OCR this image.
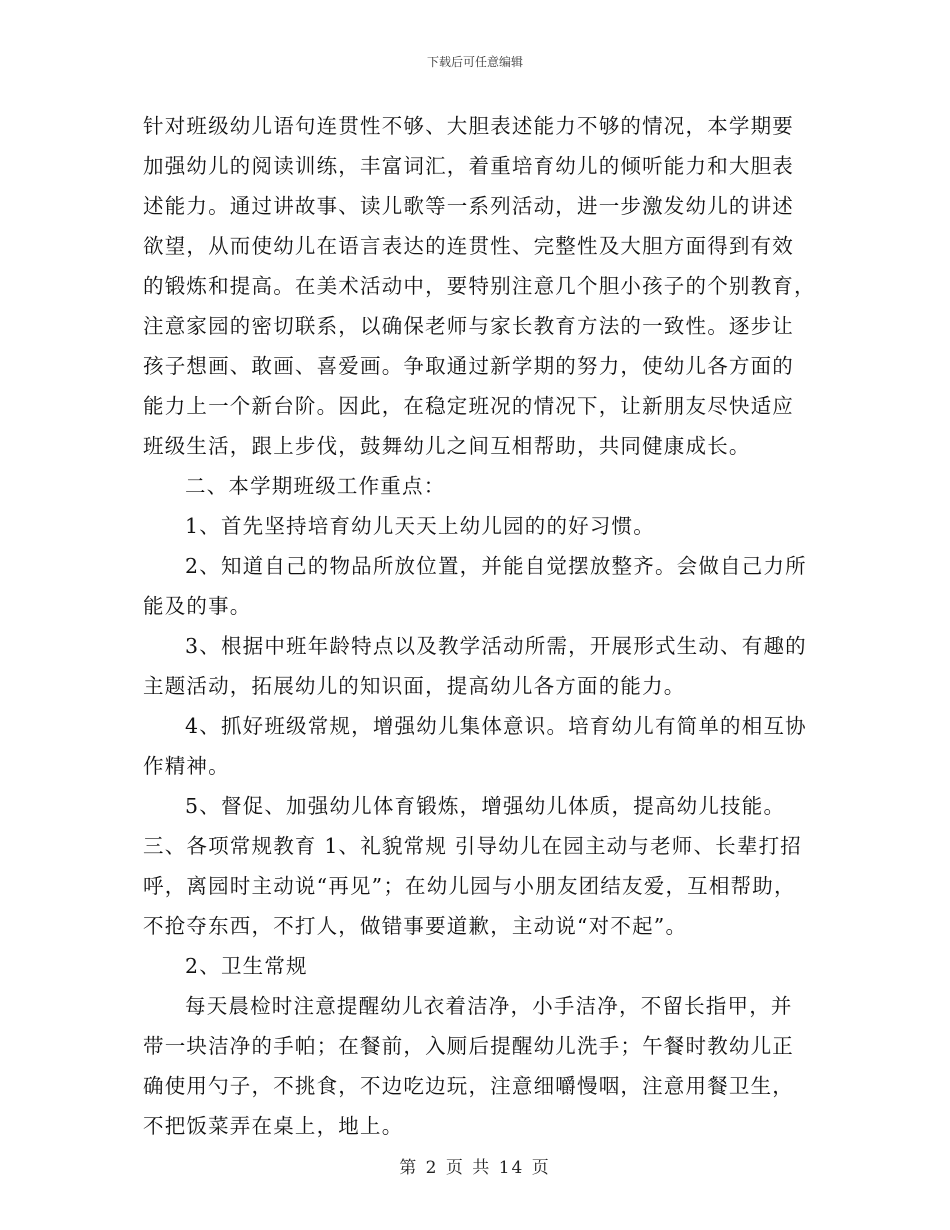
下载后可任意编辑
针对班级幼儿语句连贯性不够、大胆表述能力不够的情况，本学期要
加强幼儿的阅读训练，丰富词汇，着重培育幼儿的倾听能力和大胆表
述能力。通过讲故事、读儿歌等一系列活动，进一步激发幼儿的讲述
欲望，从而使幼儿在语言表达的连贯性、完整性及大胆方面得到有效
的锻炼和提高。在美术活动中，要特别注意几个胆小孩子的个别教育，
注意家园的密切联系，以确保老师与家长教育方法的一致性。逐步让
孩子想画、敢画、喜爱画。争取通过新学期的努力，使幼儿各方面的
能力上一个新台阶。因此，在稳定班况的情况下，让新朋友尽快适应
班级生活，跟上步伐，鼓舞幼儿之间互相帮助，共同健康成长。
二、本学期班级工作重点：
1、首先坚持培育幼儿天天上幼儿园的的好习惯。
2、知道自己的物品所放位置，并能自觉摆放整齐。会做自己力所
能及的事。
3、根据中班年龄特点以及教学活动所需，开展形式生动、有趣的
主题活动，拓展幼儿的知识面，提高幼儿各方面的能力。
4、抓好班级常规，增强幼儿集体意识。培育幼儿有简单的相互协
作精神。
5、督促、加强幼儿体育锻炼，增强幼儿体质，提高幼儿技能。
三、各项常规教育 1、礼貌常规 引导幼儿在园主动与老师、长辈打招
呼，离园时主动说“再见”；在幼儿园与小朋友团结友爱，互相帮助，
不抢夺东西，不打人，做错事要道歉，主动说“对不起”。
2、卫生常规
每天晨检时注意提醒幼儿衣着洁净，小手洁净，不留长指甲，并
带一块洁净的手帕；在餐前，入厕后提醒幼儿洗手；午餐时教幼儿正
确使用勺子，不挑食，不边吃边玩，注意细嚼慢咽，注意用餐卫生，
不把饭菜弄在桌上，地上。
第 2 页 共 14 页
